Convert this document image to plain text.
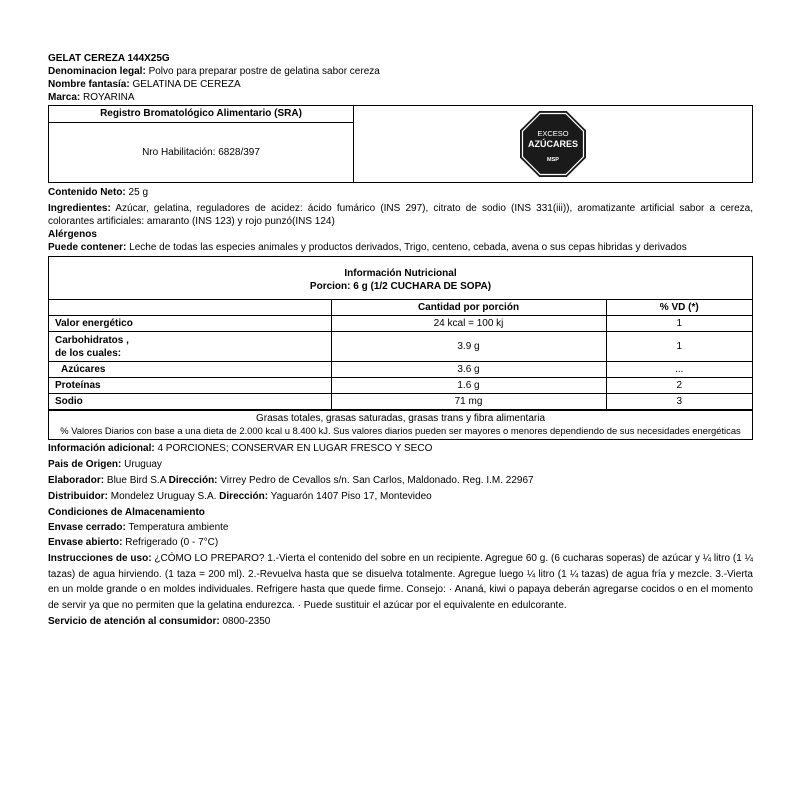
GELAT CEREZA 144X25G
Denominacion legal: Polvo para preparar postre de gelatina sabor cereza
Nombre fantasía: GELATINA DE CEREZA
Marca: ROYARINA
Registro Bromatológico Alimentario (SRA)
Nro Habilitación: 6828/397
EXCESO
AZÚCARES
MSP
Contenido Neto: 25 g
Ingredientes: Azúcar, gelatina, reguladores de acidez: ácido fumárico (INS 297), citrato de sodio (INS 331(iii)), aromatizante artificial sabor a cereza, colorantes artificiales: amaranto (INS 123) y rojo punzó(INS 124)
Alérgenos
Puede contener: Leche de todas las especies animales y productos derivados, Trigo, centeno, cebada, avena o sus cepas hibridas y derivados
Información Nutricional
Porcion: 6 g (1/2 CUCHARA DE SOPA)
	Cantidad por porción	% VD (*)
Valor energético	24 kcal = 100 kj	1

Carbohidratos ,
de los cuales:	3.9 g	1
Azúcares	3.6 g	...
Proteínas	1.6 g	2
Sodio	71 mg	3
Grasas totales, grasas saturadas, grasas trans y fibra alimentaria
% Valores Diarios con base a una dieta de 2.000 kcal u 8.400 kJ. Sus valores diarios pueden ser mayores o menores dependiendo de sus necesidades energéticas
Información adicional: 4 PORCIONES; CONSERVAR EN LUGAR FRESCO Y SECO
Pais de Origen: Uruguay
Elaborador: Blue Bird S.A Dirección: Virrey Pedro de Cevallos s/n. San Carlos, Maldonado. Reg. I.M. 22967
Distribuidor: Mondelez Uruguay S.A. Dirección: Yaguarón 1407 Piso 17, Montevideo
Condiciones de Almacenamiento
Envase cerrado: Temperatura ambiente
Envase abierto: Refrigerado (0 - 7°C)
Instrucciones de uso: ¿CÓMO LO PREPARO? 1.-Vierta el contenido del sobre en un recipiente. Agregue 60 g. (6 cucharas soperas) de azúcar y ¼ litro (1 ¼ tazas) de agua hirviendo. (1 taza = 200 ml). 2.-Revuelva hasta que se disuelva totalmente. Agregue luego ¼ litro (1 ¼ tazas) de agua fría y mezcle. 3.-Vierta en un molde grande o en moldes individuales. Refrigere hasta que quede firme. Consejo: · Ananá, kiwi o papaya deberán agregarse cocidos o en el momento de servir ya que no permiten que la gelatina endurezca. · Puede sustituir el azúcar por el equivalente en edulcorante.
Servicio de atención al consumidor: 0800-2350
